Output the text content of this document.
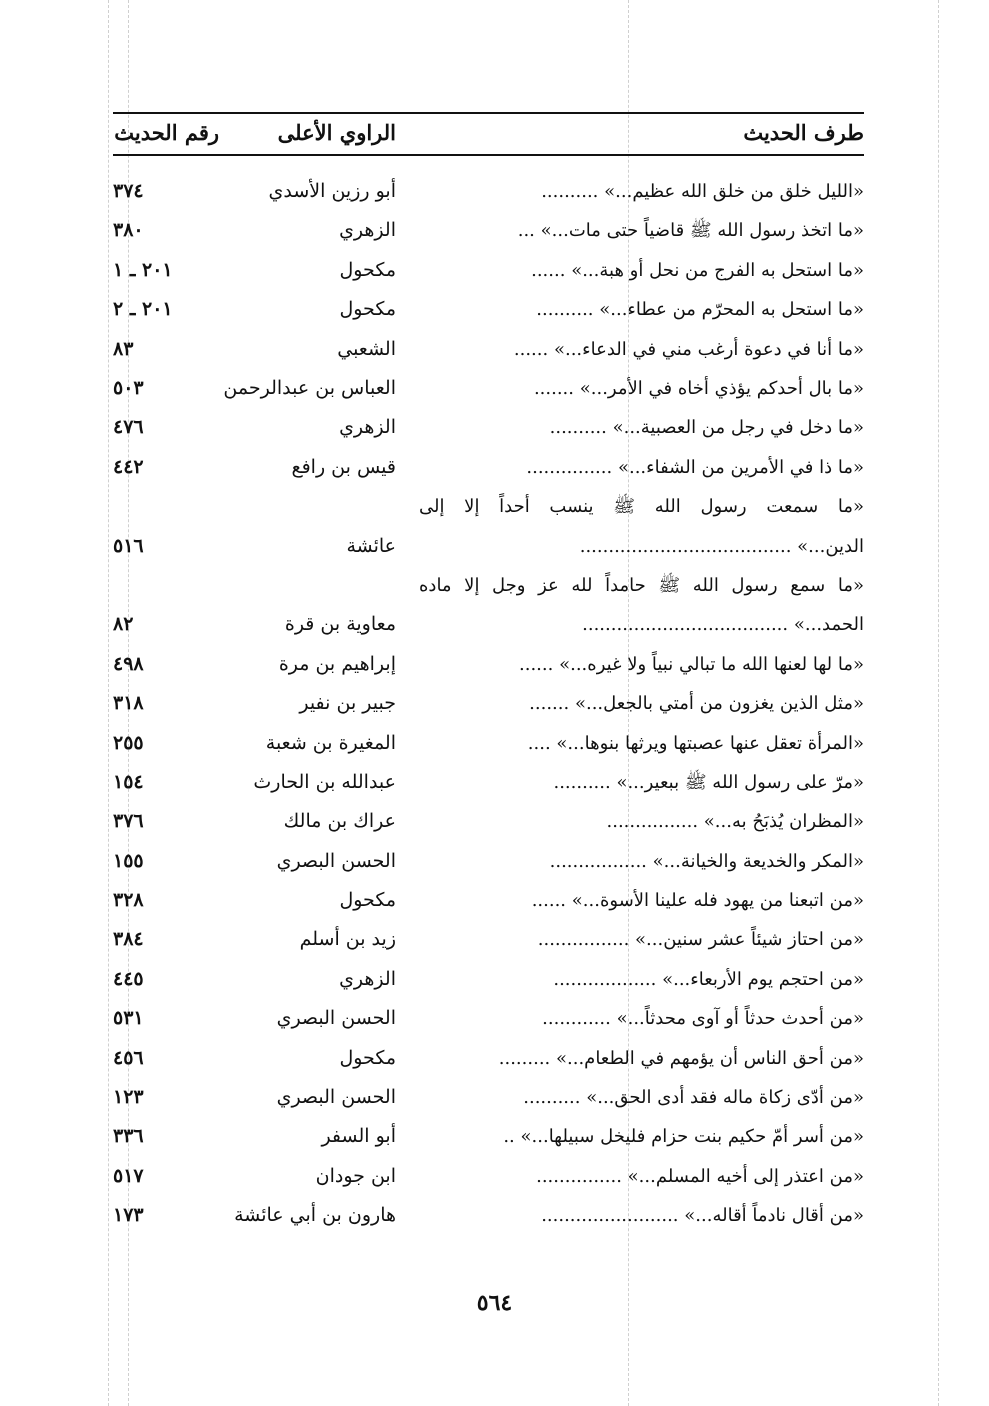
طرف الحديث
الراوي الأعلى
رقم الحديث
«الليل خلق من خلق الله عظيم...» ..........
أبو رزين الأسدي
٣٧٤
«ما اتخذ رسول الله ﷺ قاضياً حتى مات...» ...
الزهري
٣٨٠
«ما استحل به الفرج من نحل أو هبة...» ......
مكحول
٢٠١ ـ ١
«ما استحل به المحرّم من عطاء...» ..........
مكحول
٢٠١ ـ ٢
«ما أنا في دعوة أرغب مني في الدعاء...» ......
الشعبي
٨٣
«ما بال أحدكم يؤذي أخاه في الأمر...» .......
العباس بن عبدالرحمن
٥٠٣
«ما دخل في رجل من العصبية...» ..........
الزهري
٤٧٦
«ما ذا في الأمرين من الشفاء...» ...............
قيس بن رافع
٤٤٢
«ما سمعت رسول الله ﷺ ينسب أحداً إلا إلى
الدين...» .....................................
عائشة
٥١٦
«ما سمع رسول الله ﷺ حامداً لله عز وجل إلا ماده
الحمد...» ....................................
معاوية بن قرة
٨٢
«ما لها لعنها الله ما تبالي نبياً ولا غيره...» ......
إبراهيم بن مرة
٤٩٨
«مثل الذين يغزون من أمتي بالجعل...» .......
جبير بن نفير
٣١٨
«المرأة تعقل عنها عصبتها ويرثها بنوها...» ....
المغيرة بن شعبة
٢٥٥
«مرّ على رسول الله ﷺ ببعير...» ..........
عبدالله بن الحارث
١٥٤
«المظران يُذبَحُ به...» ................
عراك بن مالك
٣٧٦
«المكر والخديعة والخيانة...» .................
الحسن البصري
١٥٥
«من اتبعنا من يهود فله علينا الأسوة...» ......
مكحول
٣٢٨
«من احتاز شيئاً عشر سنين...» ................
زيد بن أسلم
٣٨٤
«من احتجم يوم الأربعاء...» ..................
الزهري
٤٤٥
«من أحدث حدثاً أو آوى محدثاً...» ............
الحسن البصري
٥٣١
«من أحق الناس أن يؤمهم في الطعام...» .........
مكحول
٤٥٦
«من أدّى زكاة ماله فقد أدى الحق...» ..........
الحسن البصري
١٢٣
«من أسر أمّ حكيم بنت حزام فليخل سبيلها...» ..
أبو السفر
٣٣٦
«من اعتذر إلى أخيه المسلم...» ...............
ابن جودان
٥١٧
«من أقال نادماً أقاله...» ........................
هارون بن أبي عائشة
١٧٣
٥٦٤
